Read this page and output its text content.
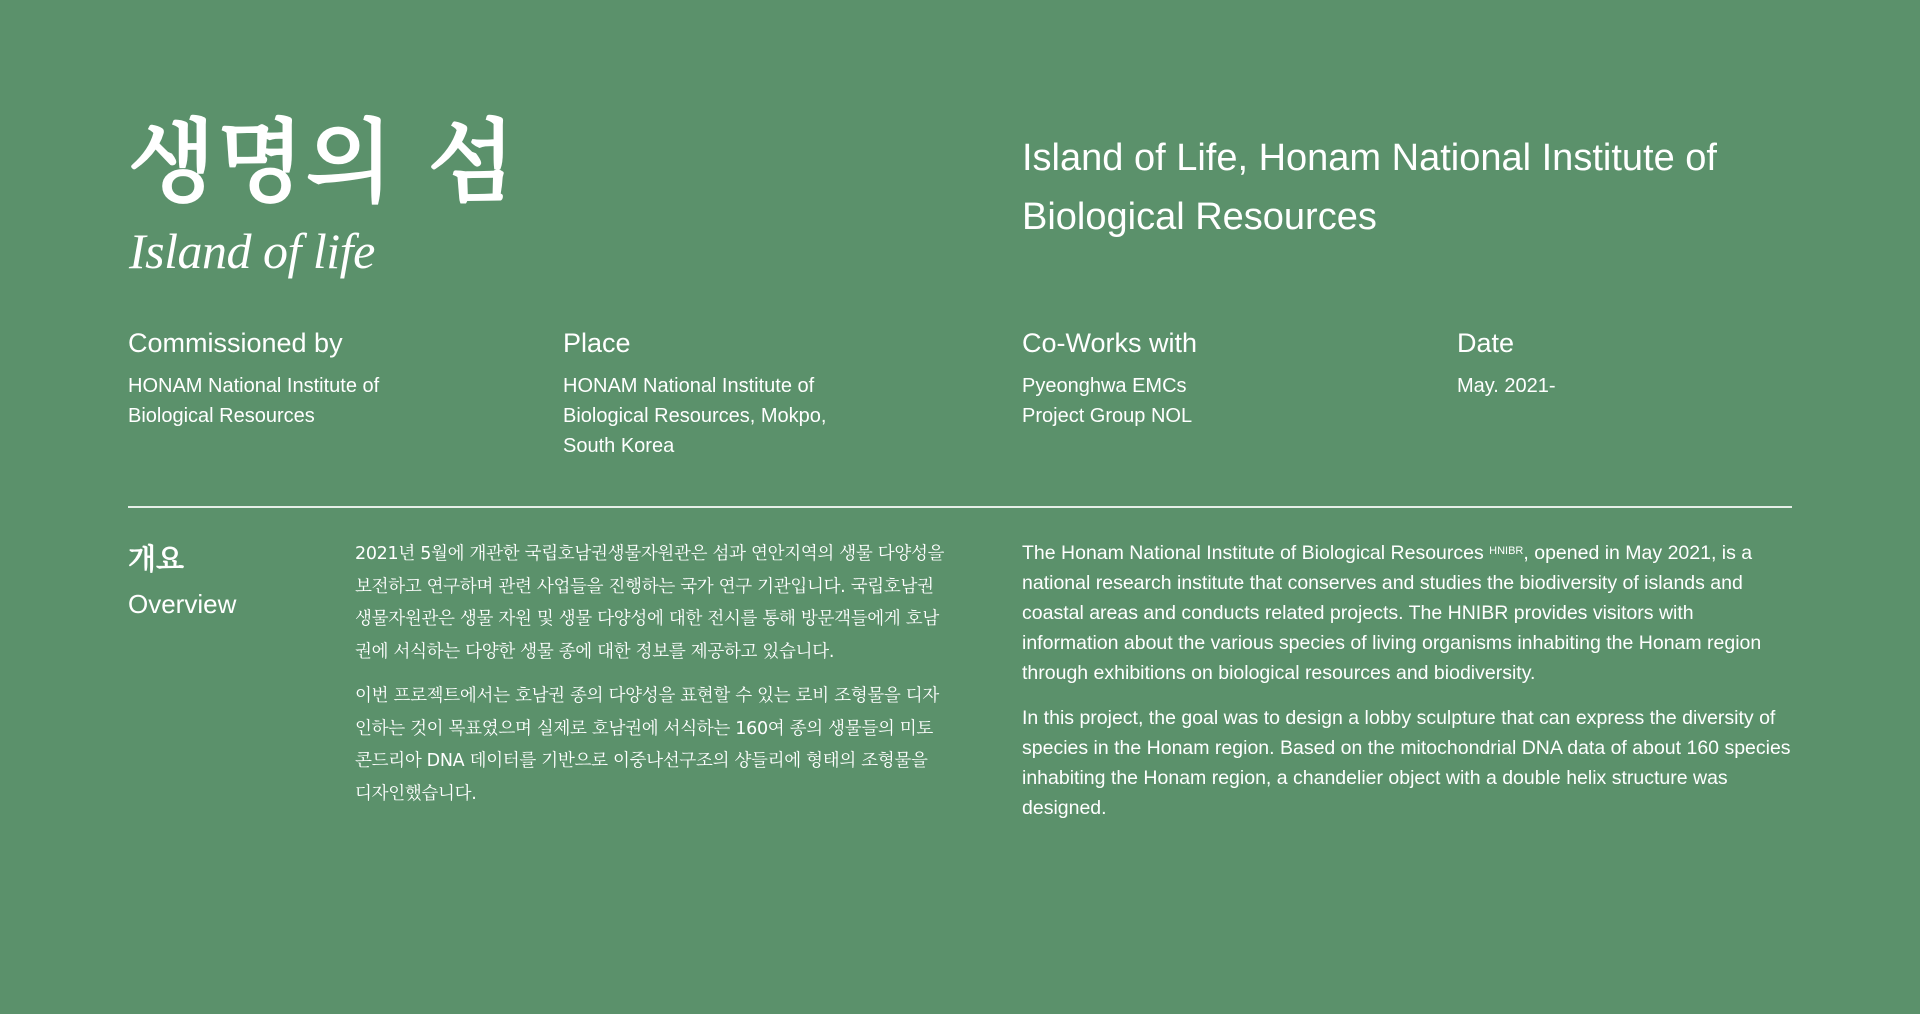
생명의 섬
Island of life
Island of Life, Honam National Institute of Biological Resources
Commissioned by
HONAM National Institute of
Biological Resources
Place
HONAM National Institute of
Biological Resources, Mokpo,
South Korea
Co-Works with
Pyeonghwa EMCs
Project Group NOL
Date
May. 2021-
개요
Overview

2021년 5월에 개관한 국립호남권생물자원관은 섬과 연안지역의 생물 다양성을 보전하고 연구하며 관련 사업들을 진행하는 국가 연구 기관입니다. 국립호남권생물자원관은 생물 자원 및 생물 다양성에 대한 전시를 통해 방문객들에게 호남권에 서식하는 다양한 생물 종에 대한 정보를 제공하고 있습니다.

이번 프로젝트에서는 호남권 종의 다양성을 표현할 수 있는 로비 조형물을 디자인하는 것이 목표였으며 실제로 호남권에 서식하는 160여 종의 생물들의 미토콘드리아 DNA 데이터를 기반으로 이중나선구조의 샹들리에 형태의 조형물을 디자인했습니다.

The Honam National Institute of Biological Resources $^{HNIBR}$, opened in May 2021, is a national research institute that conserves and studies the biodiversity of islands and coastal areas and conducts related projects. The HNIBR provides visitors with information about the various species of living organisms inhabiting the Honam region through exhibitions on biological resources and biodiversity.

In this project, the goal was to design a lobby sculpture that can express the diversity of species in the Honam region. Based on the mitochondrial DNA data of about 160 species inhabiting the Honam region, a chandelier object with a double helix structure was designed.
